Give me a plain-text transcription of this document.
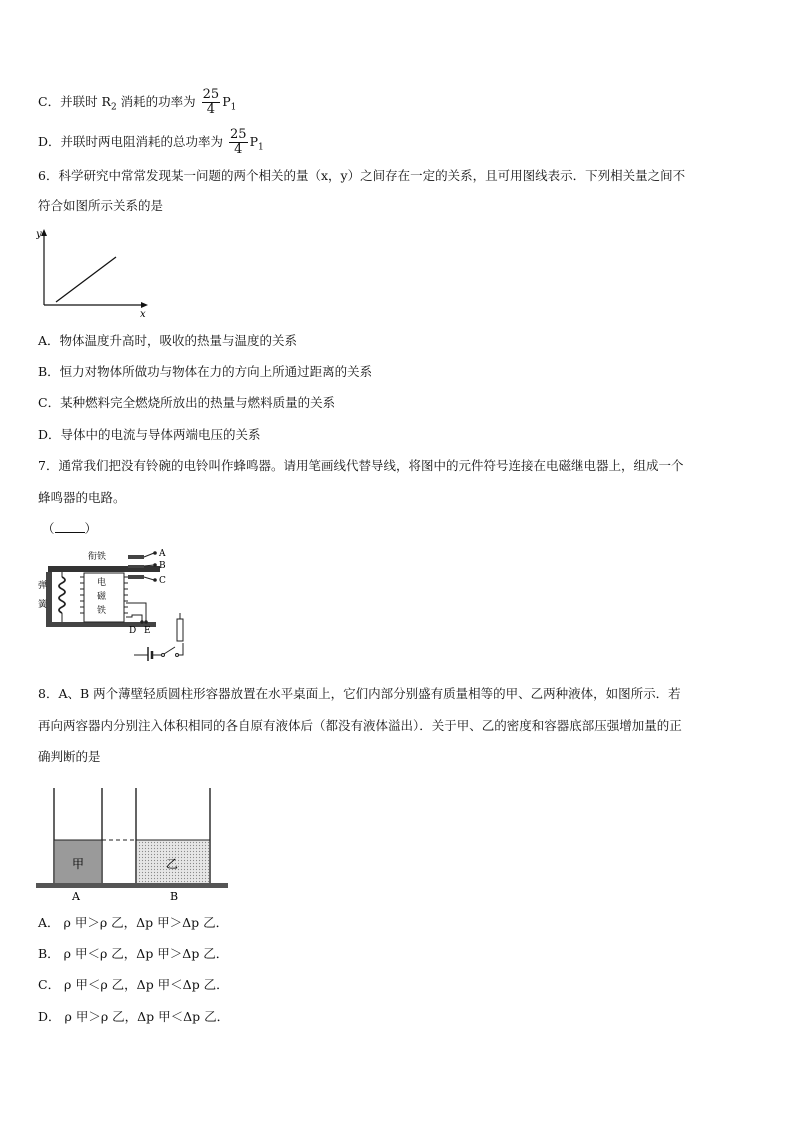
C．并联时 $R_2$ 消耗的功率为 $\frac{25}{4} P_1$
D．并联时两电阻消耗的总功率为 $\frac{25}{4} P_1$
6．科学研究中常常发现某一问题的两个相关的量（x，y）之间存在一定的关系，且可用图线表示．下列相关量之间不
符合如图所示关系的是
y
x
A．物体温度升高时，吸收的热量与温度的关系
B．恒力对物体所做功与物体在力的方向上所通过距离的关系
C．某种燃料完全燃烧所放出的热量与燃料质量的关系
D．导体中的电流与导体两端电压的关系
7．通常我们把没有铃碗的电铃叫作蜂鸣器。请用笔画线代替导线，将图中的元件符号连接在电磁继电器上，组成一个
蜂鸣器的电路。
（ ）
衔铁
弹
簧
电
磁
铁
A
B
C
D E
8．A、B 两个薄壁轻质圆柱形容器放置在水平桌面上，它们内部分别盛有质量相等的甲、乙两种液体，如图所示．若
再向两容器内分别注入体积相同的各自原有液体后（都没有液体溢出）．关于甲、乙的密度和容器底部压强增加量的正
确判断的是
甲	乙
A	B
A． ρ 甲＞ρ 乙，Δp 甲＞Δp 乙．
B． ρ 甲＜ρ 乙，Δp 甲＞Δp 乙．
C． ρ 甲＜ρ 乙，Δp 甲＜Δp 乙．
D． ρ 甲＞ρ 乙，Δp 甲＜Δp 乙．
